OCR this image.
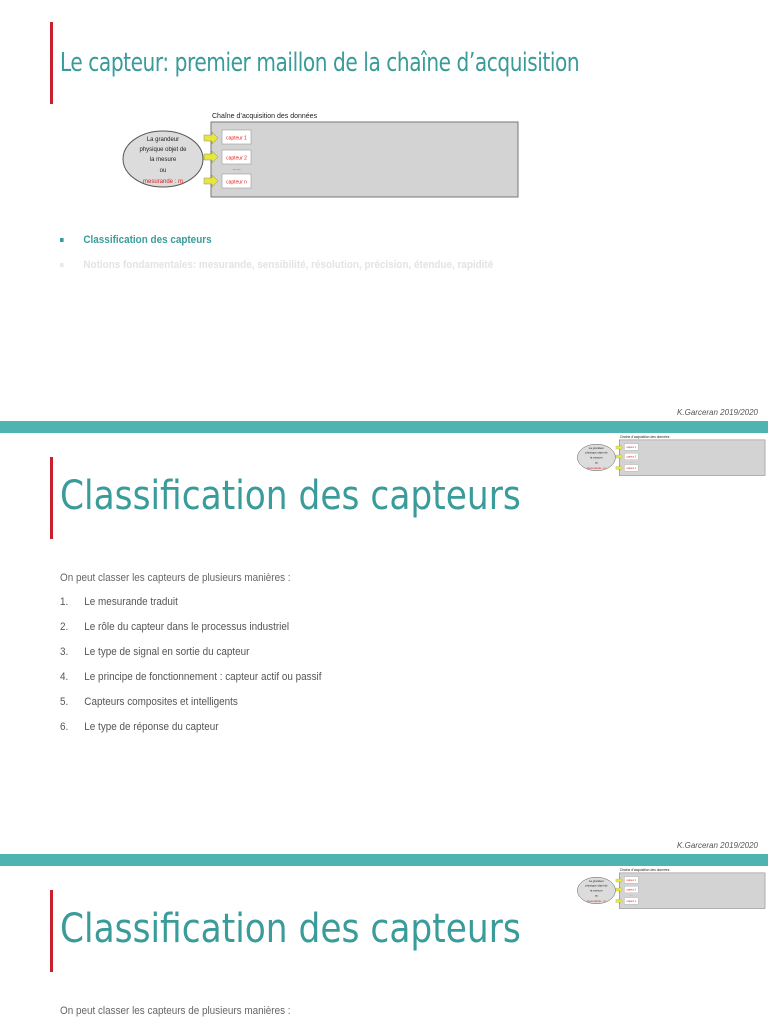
Le capteur: premier maillon de la chaîne d’acquisition
Chaîne d’acquisition des données
La grandeur
physique objet de
la mesure
ou
mesurande : m
capteur 1
capteur 2
......
capteur n
Classification des capteurs
Notions fondamentales: mesurande, sensibilité, résolution, précision, étendue, rapidité
K.Garceran 2019/2020
Classification des capteurs
Chaîne d’acquisition des données
La grandeur
physique objet de
la mesure
ou
mesurande : m
capteur 1
capteur 2
......
capteur n
On peut classer les capteurs de plusieurs manières :
1. Le mesurande traduit
2. Le rôle du capteur dans le processus industriel
3. Le type de signal en sortie du capteur
4. Le principe de fonctionnement : capteur actif ou passif
5. Capteurs composites et intelligents
6. Le type de réponse du capteur
K.Garceran 2019/2020
Classification des capteurs
Chaîne d’acquisition des données
La grandeur
physique objet de
la mesure
ou
mesurande : m
capteur 1
capteur 2
......
capteur n
On peut classer les capteurs de plusieurs manières :
